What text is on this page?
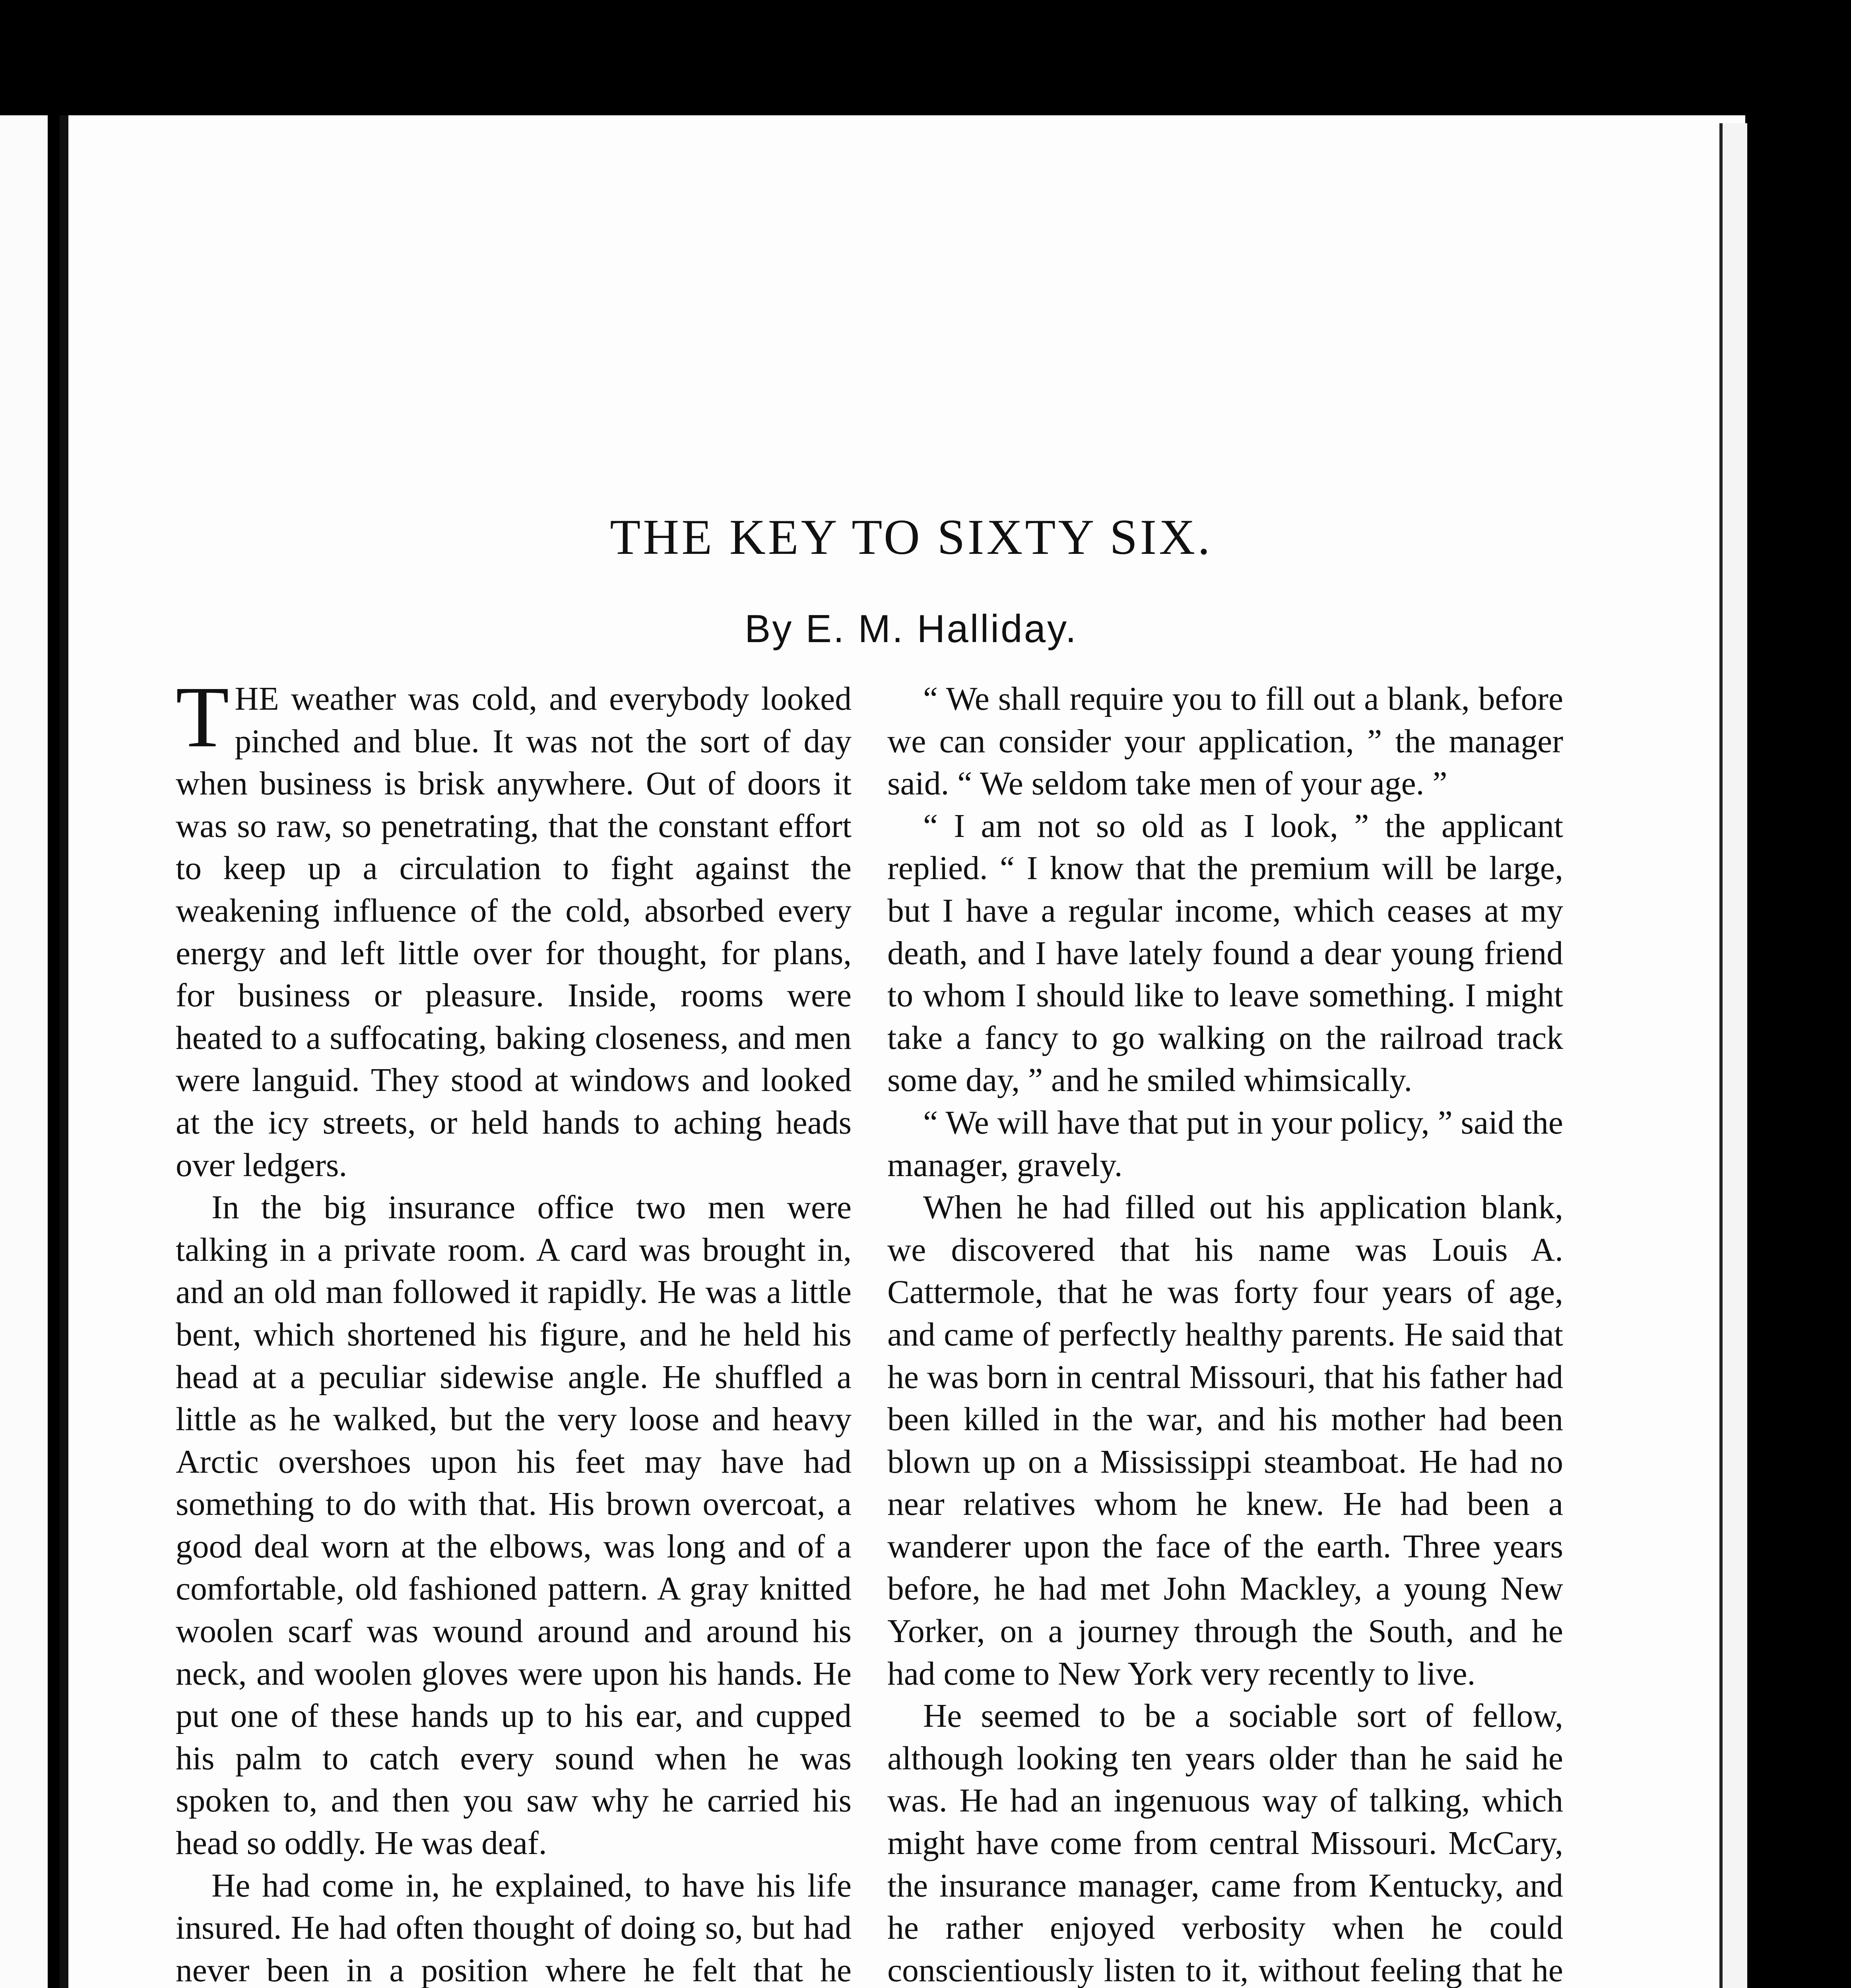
THE KEY TO SIXTY SIX.
By E. M. Halliday.

THE weather was cold, and everybody looked pinched and blue. It was not the sort of day when business is brisk anywhere. Out of doors it was so raw, so penetrating, that the constant effort to keep up a circulation to fight against the weakening influence of the cold, absorbed every energy and left little over for thought, for plans, for business or pleasure. Inside, rooms were heated to a suffocating, baking closeness, and men were languid. They stood at windows and looked at the icy streets, or held hands to aching heads over ledgers.

In the big insurance office two men were talking in a private room. A card was brought in, and an old man followed it rapidly. He was a little bent, which shortened his figure, and he held his head at a peculiar sidewise angle. He shuffled a little as he walked, but the very loose and heavy Arctic overshoes upon his feet may have had something to do with that. His brown overcoat, a good deal worn at the elbows, was long and of a comfortable, old fashioned pattern. A gray knitted woolen scarf was wound around and around his neck, and woolen gloves were upon his hands. He put one of these hands up to his ear, and cupped his palm to catch every sound when he was spoken to, and then you saw why he carried his head so oddly. He was deaf.

He had come in, he explained, to have his life insured. He had often thought of doing so, but had never been in a position where he felt that he

“ We shall require you to fill out a blank, before we can consider your application, ” the manager said. “ We seldom take men of your age. ”

“ I am not so old as I look, ” the applicant replied. “ I know that the premium will be large, but I have a regular income, which ceases at my death, and I have lately found a dear young friend to whom I should like to leave something. I might take a fancy to go walking on the railroad track some day, ” and he smiled whimsically.

“ We will have that put in your policy, ” said the manager, gravely.

When he had filled out his application blank, we discovered that his name was Louis A. Cattermole, that he was forty four years of age, and came of perfectly healthy parents. He said that he was born in central Missouri, that his father had been killed in the war, and his mother had been blown up on a Mississippi steamboat. He had no near relatives whom he knew. He had been a wanderer upon the face of the earth. Three years before, he had met John Mackley, a young New Yorker, on a journey through the South, and he had come to New York very recently to live.

He seemed to be a sociable sort of fellow, although looking ten years older than he said he was. He had an ingenuous way of talking, which might have come from central Missouri. McCary, the insurance manager, came from Kentucky, and he rather enjoyed verbosity when he could conscientiously listen to it, without feeling that he
